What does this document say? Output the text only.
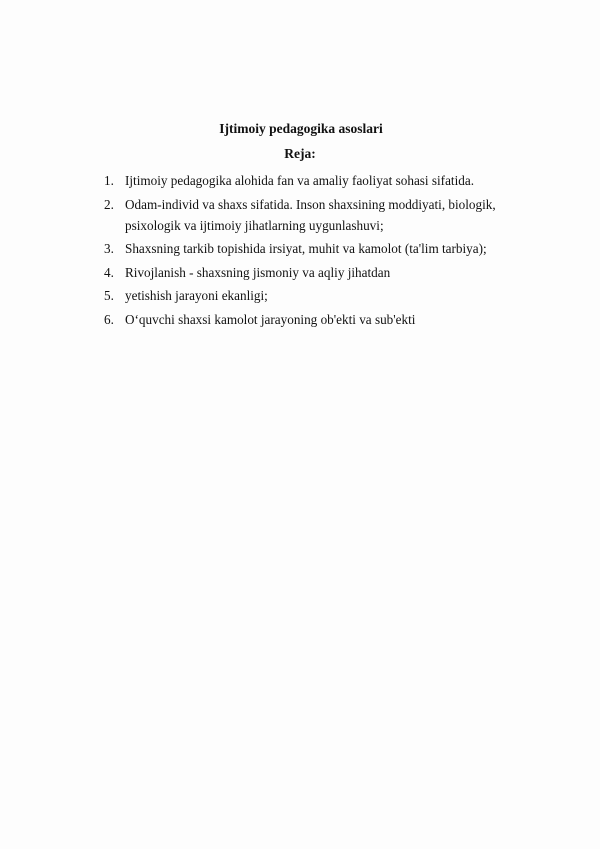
Ijtimoiy pedagogika asoslari
Reja:
1. Ijtimoiy pedagogika alohida fan va amaliy faoliyat sohasi sifatida.
2. Odam-individ va shaxs sifatida. Inson shaxsining moddiyati, biologik, psixologik va ijtimoiy jihatlarning uygunlashuvi;
3. Shaxsning tarkib topishida irsiyat, muhit va kamolot (ta'lim tarbiya);
4. Rivojlanish - shaxsning jismoniy va aqliy jihatdan
5. yetishish jarayoni ekanligi;
6. O‘quvchi shaxsi kamolot jarayoning ob'ekti va sub'ekti
